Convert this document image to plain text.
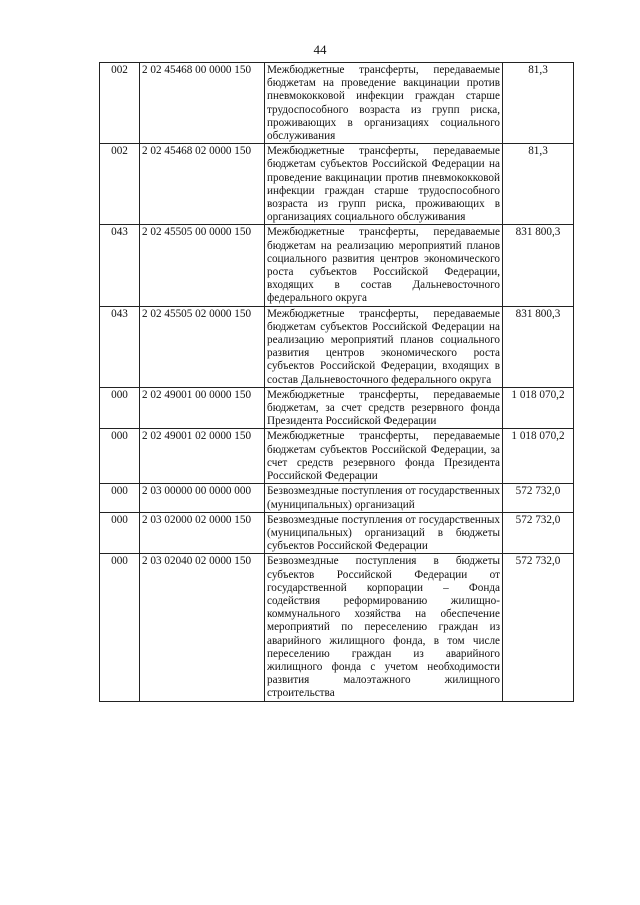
44
002	2 02 45468 00 0000 150	Межбюджетные трансферты, передаваемые бюджетам на проведение вакцинации против пневмококковой инфекции граждан старше трудоспособного возраста из групп риска, проживающих в организациях социального обслуживания	81,3
002	2 02 45468 02 0000 150	Межбюджетные трансферты, передаваемые бюджетам субъектов Российской Федерации на проведение вакцинации против пневмококковой инфекции граждан старше трудоспособного возраста из групп риска, проживающих в организациях социального обслуживания	81,3
043	2 02 45505 00 0000 150	Межбюджетные трансферты, передаваемые бюджетам на реализацию мероприятий планов социального развития центров экономического роста субъектов Российской Федерации, входящих в состав Дальневосточного федерального округа	831 800,3
043	2 02 45505 02 0000 150	Межбюджетные трансферты, передаваемые бюджетам субъектов Российской Федерации на реализацию мероприятий планов социального развития центров экономического роста субъектов Российской Федерации, входящих в состав Дальневосточного федерального округа	831 800,3
000	2 02 49001 00 0000 150	Межбюджетные трансферты, передаваемые бюджетам, за счет средств резервного фонда Президента Российской Федерации	1 018 070,2
000	2 02 49001 02 0000 150	Межбюджетные трансферты, передаваемые бюджетам субъектов Российской Федерации, за счет средств резервного фонда Президента Российской Федерации	1 018 070,2
000	2 03 00000 00 0000 000	Безвозмездные поступления от государственных (муниципальных) организаций	572 732,0
000	2 03 02000 02 0000 150	Безвозмездные поступления от государственных (муниципальных) организаций в бюджеты субъектов Российской Федерации	572 732,0
000	2 03 02040 02 0000 150	Безвозмездные поступления в бюджеты субъектов Российской Федерации от государственной корпорации – Фонда содействия реформированию жилищно-коммунального хозяйства на обеспечение мероприятий по переселению граждан из аварийного жилищного фонда, в том числе переселению граждан из аварийного жилищного фонда с учетом необходимости развития малоэтажного жилищного строительства	572 732,0
